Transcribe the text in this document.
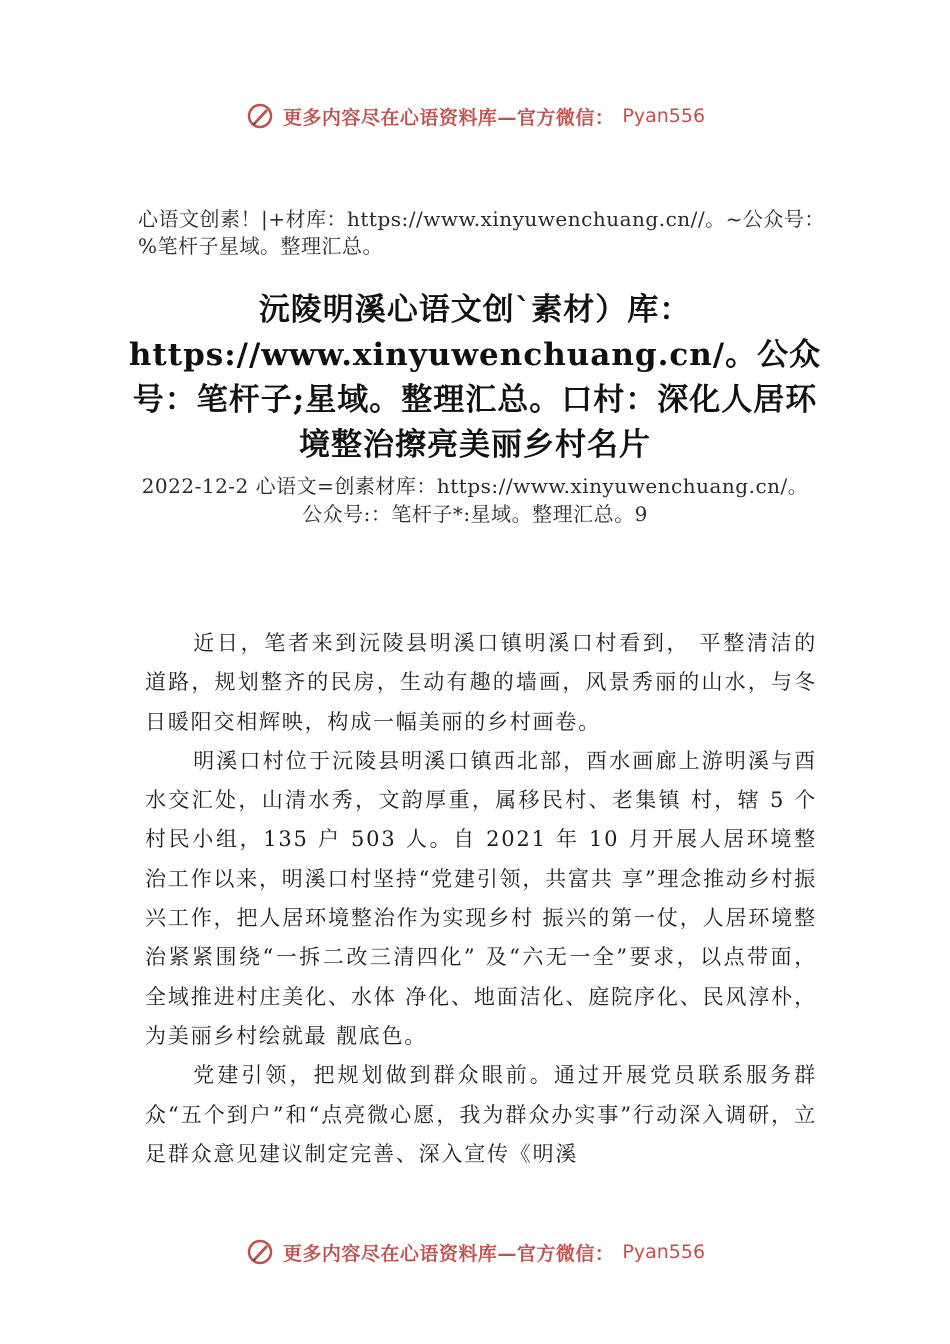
更多内容尽在心语资料库—官方微信： Pyan556
心语文创素！|+材库：https://www.xinyuwenchuang.cn//。~公众号：%笔杆子星域。整理汇总。
沅陵明溪心语文创`素材）库：https://www.xinyuwenchuang.cn/。公众号：笔杆子;星域。整理汇总。口村：深化人居环境整治擦亮美丽乡村名片
2022-12-2 心语文=创素材库：https://www.xinyuwenchuang.cn/。公众号:：笔杆子*:星域。整理汇总。9

近日，笔者来到沅陵县明溪口镇明溪口村看到， 平整清洁的道路，规划整齐的民房，生动有趣的墙画，风景秀丽的山水，与冬日暖阳交相辉映，构成一幅美丽的乡村画卷。

明溪口村位于沅陵县明溪口镇西北部，酉水画廊上游明溪与酉水交汇处，山清水秀，文韵厚重，属移民村、老集镇 村，辖 5 个村民小组，135 户 503 人。自 2021 年 10 月开展人居环境整治工作以来，明溪口村坚持“党建引领，共富共 享”理念推动乡村振兴工作，把人居环境整治作为实现乡村 振兴的第一仗，人居环境整治紧紧围绕“一拆二改三清四化” 及“六无一全”要求，以点带面，全域推进村庄美化、水体 净化、地面洁化、庭院序化、民风淳朴，为美丽乡村绘就最 靓底色。

党建引领，把规划做到群众眼前。通过开展党员联系服务群众“五个到户”和“点亮微心愿，我为群众办实事”行动深入调研，立足群众意见建议制定完善、深入宣传《明溪

更多内容尽在心语资料库—官方微信： Pyan556
